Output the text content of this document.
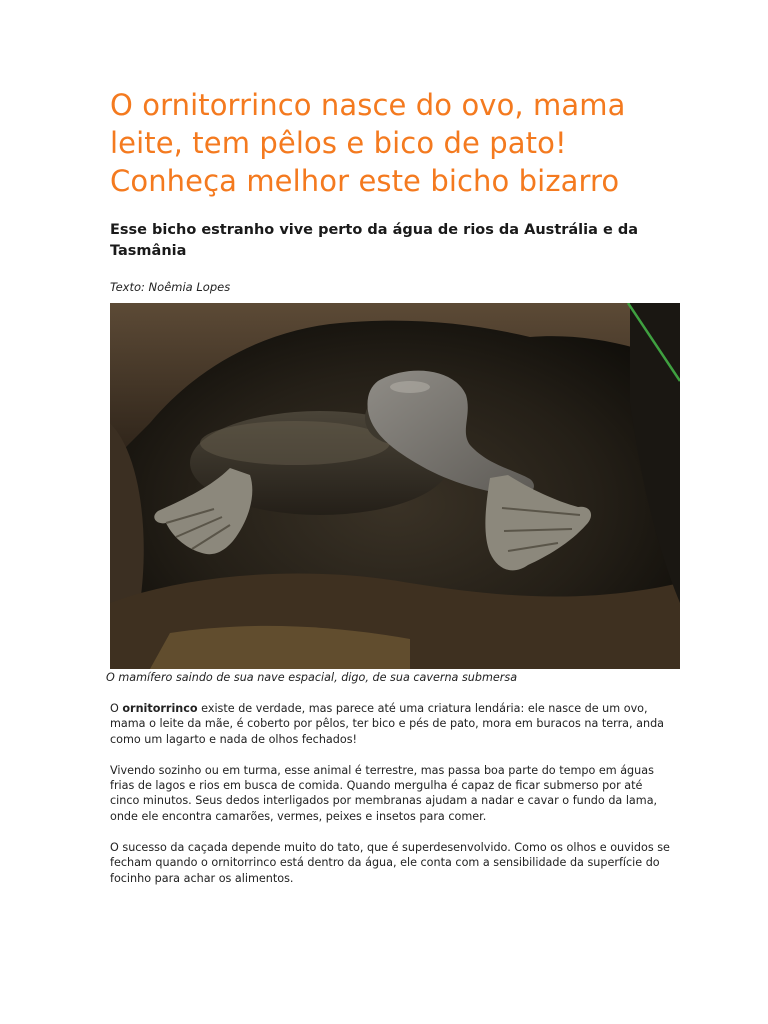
O ornitorrinco nasce do ovo, mama leite, tem pêlos e bico de pato! Conheça melhor este bicho bizarro
Esse bicho estranho vive perto da água de rios da Austrália e da Tasmânia

Texto: Noêmia Lopes

O mamífero saindo de sua nave espacial, digo, de sua caverna submersa

O ornitorrinco existe de verdade, mas parece até uma criatura lendária: ele nasce de um ovo, mama o leite da mãe, é coberto por pêlos, ter bico e pés de pato, mora em buracos na terra, anda como um lagarto e nada de olhos fechados!

Vivendo sozinho ou em turma, esse animal é terrestre, mas passa boa parte do tempo em águas frias de lagos e rios em busca de comida. Quando mergulha é capaz de ficar submerso por até cinco minutos. Seus dedos interligados por membranas ajudam a nadar e cavar o fundo da lama, onde ele encontra camarões, vermes, peixes e insetos para comer.

O sucesso da caçada depende muito do tato, que é superdesenvolvido. Como os olhos e ouvidos se fecham quando o ornitorrinco está dentro da água, ele conta com a sensibilidade da superfície do focinho para achar os alimentos.
